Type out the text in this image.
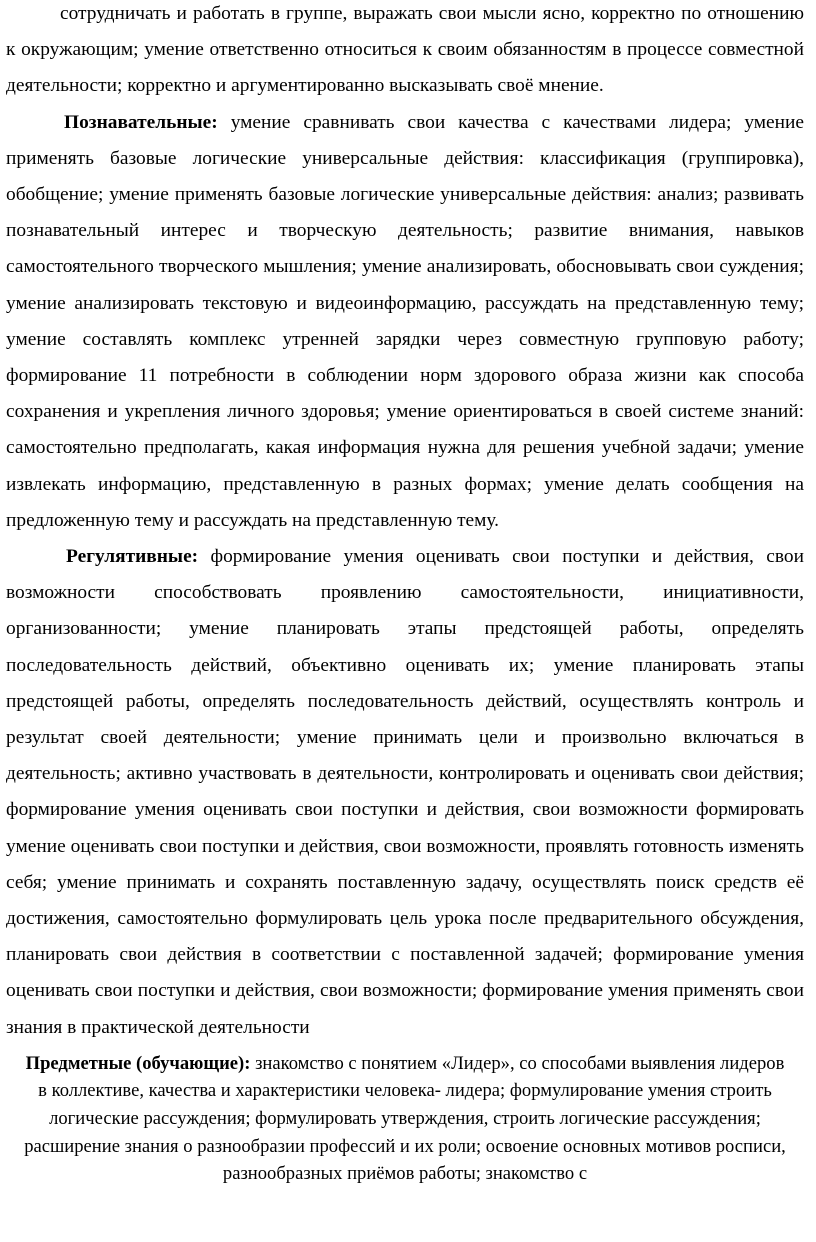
сотрудничать и работать в группе, выражать свои мысли ясно, корректно по отношению к окружающим; умение ответственно относиться к своим обязанностям в процессе совместной деятельности; корректно и аргументированно высказывать своё мнение.

Познавательные: умение сравнивать свои качества с качествами лидера; умение применять базовые логические универсальные действия: классификация (группировка), обобщение; умение применять базовые логические универсальные действия: анализ; развивать познавательный интерес и творческую деятельность; развитие внимания, навыков самостоятельного творческого мышления; умение анализировать, обосновывать свои суждения; умение анализировать текстовую и видеоинформацию, рассуждать на представленную тему; умение составлять комплекс утренней зарядки через совместную групповую работу; формирование 11 потребности в соблюдении норм здорового образа жизни как способа сохранения и укрепления личного здоровья; умение ориентироваться в своей системе знаний: самостоятельно предполагать, какая информация нужна для решения учебной задачи; умение извлекать информацию, представленную в разных формах; умение делать сообщения на предложенную тему и рассуждать на представленную тему.

Регулятивные: формирование умения оценивать свои поступки и действия, свои возможности способствовать проявлению самостоятельности, инициативности, организованности; умение планировать этапы предстоящей работы, определять последовательность действий, объективно оценивать их; умение планировать этапы предстоящей работы, определять последовательность действий, осуществлять контроль и результат своей деятельности; умение принимать цели и произвольно включаться в деятельность; активно участвовать в деятельности, контролировать и оценивать свои действия; формирование умения оценивать свои поступки и действия, свои возможности формировать умение оценивать свои поступки и действия, свои возможности, проявлять готовность изменять себя; умение принимать и сохранять поставленную задачу, осуществлять поиск средств её достижения, самостоятельно формулировать цель урока после предварительного обсуждения, планировать свои действия в соответствии с поставленной задачей; формирование умения оценивать свои поступки и действия, свои возможности; формирование умения применять свои знания в практической деятельности

Предметные (обучающие): знакомство с понятием «Лидер», со способами выявления лидеров в коллективе, качества и характеристики человека- лидера; формулирование умения строить логические рассуждения; формулировать утверждения, строить логические рассуждения; расширение знания о разнообразии профессий и их роли; освоение основных мотивов росписи, разнообразных приёмов работы; знакомство с
